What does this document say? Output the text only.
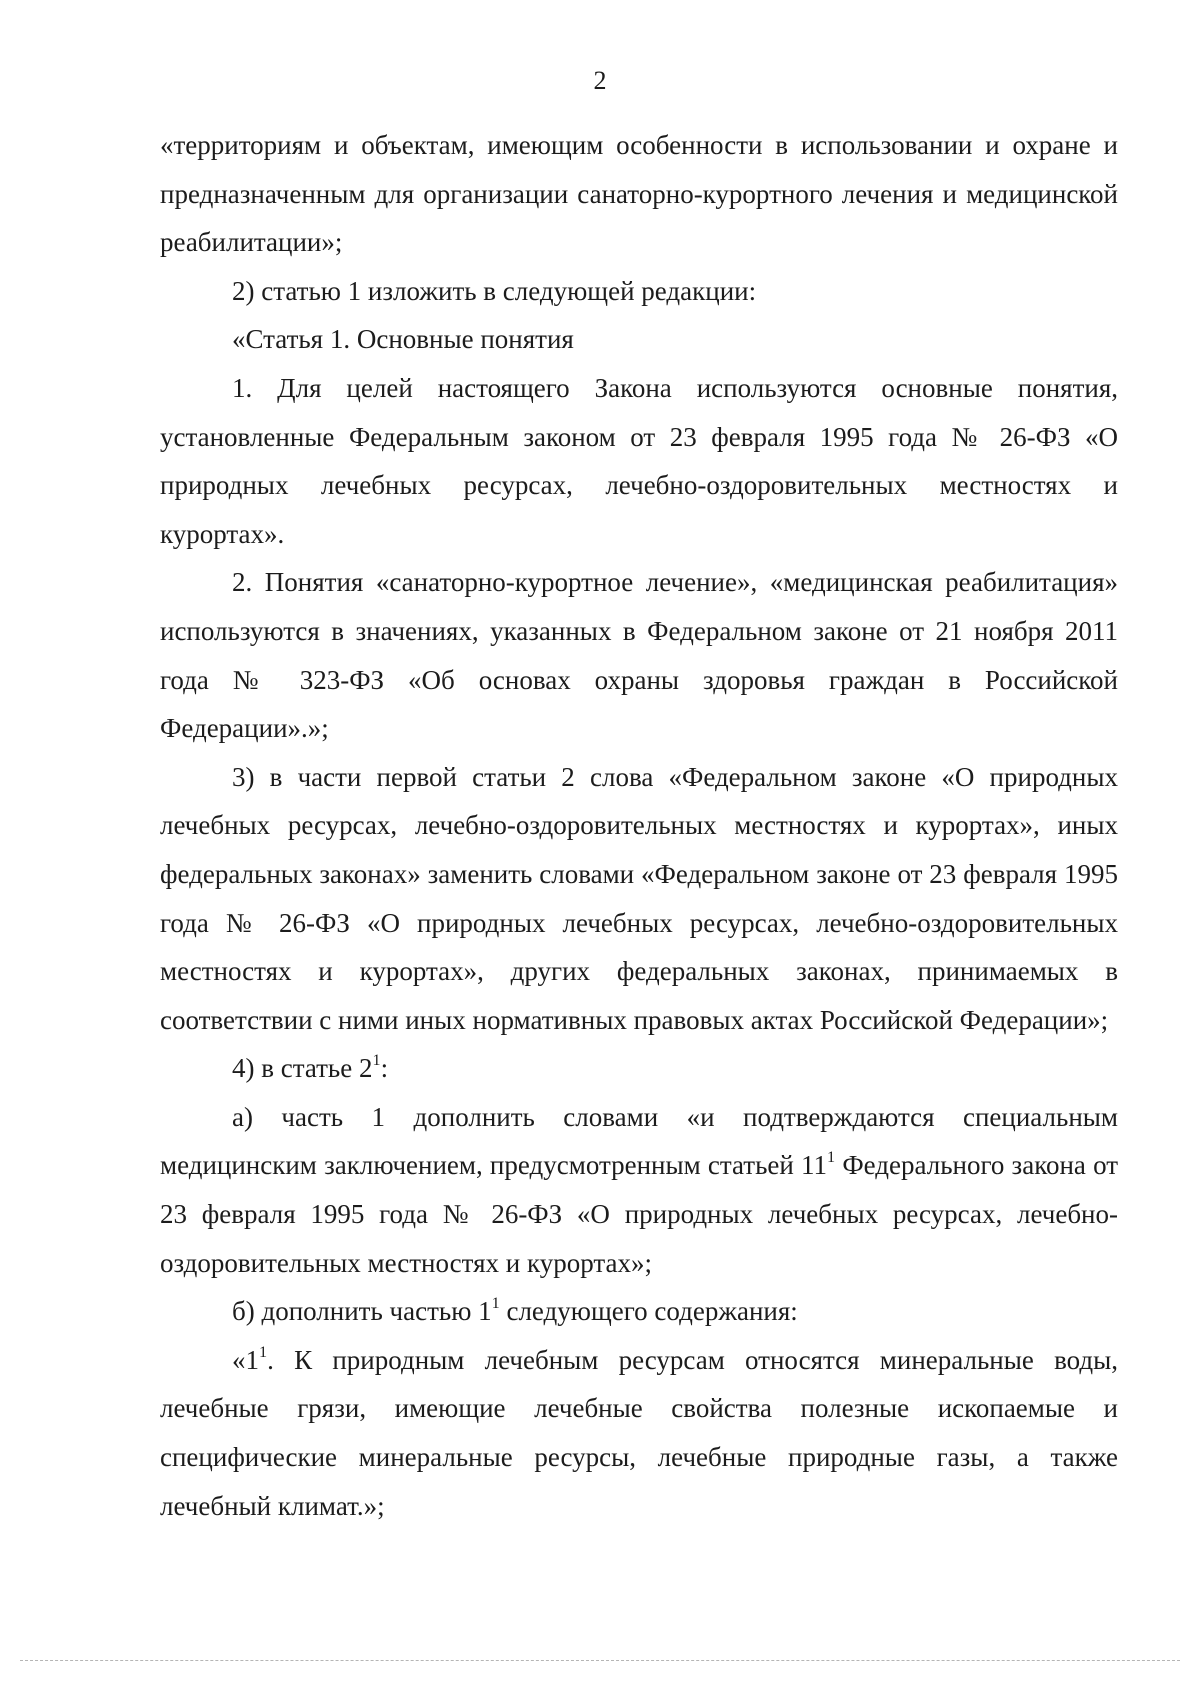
2

«территориям и объектам, имеющим особенности в использовании и охране и предназначенным для организации санаторно-курортного лечения и медицинской реабилитации»;

2) статью 1 изложить в следующей редакции:

«Статья 1. Основные понятия

1. Для целей настоящего Закона используются основные понятия, установленные Федеральным законом от 23 февраля 1995 года № 26-ФЗ «О природных лечебных ресурсах, лечебно-оздоровительных местностях и курортах».

2. Понятия «санаторно-курортное лечение», «медицинская реабилитация» используются в значениях, указанных в Федеральном законе от 21 ноября 2011 года № 323-ФЗ «Об основах охраны здоровья граждан в Российской Федерации».»;

3) в части первой статьи 2 слова «Федеральном законе «О природных лечебных ресурсах, лечебно-оздоровительных местностях и курортах», иных федеральных законах» заменить словами «Федеральном законе от 23 февраля 1995 года № 26-ФЗ «О природных лечебных ресурсах, лечебно-оздоровительных местностях и курортах», других федеральных законах, принимаемых в соответствии с ними иных нормативных правовых актах Российской Федерации»;

4) в статье $2^1$:

а) часть 1 дополнить словами «и подтверждаются специальным медицинским заключением, предусмотренным статьей $11^1$ Федерального закона от 23 февраля 1995 года № 26-ФЗ «О природных лечебных ресурсах, лечебно-оздоровительных местностях и курортах»;

б) дополнить частью $1^1$ следующего содержания:

«$1^1$. К природным лечебным ресурсам относятся минеральные воды, лечебные грязи, имеющие лечебные свойства полезные ископаемые и специфические минеральные ресурсы, лечебные природные газы, а также лечебный климат.»;
